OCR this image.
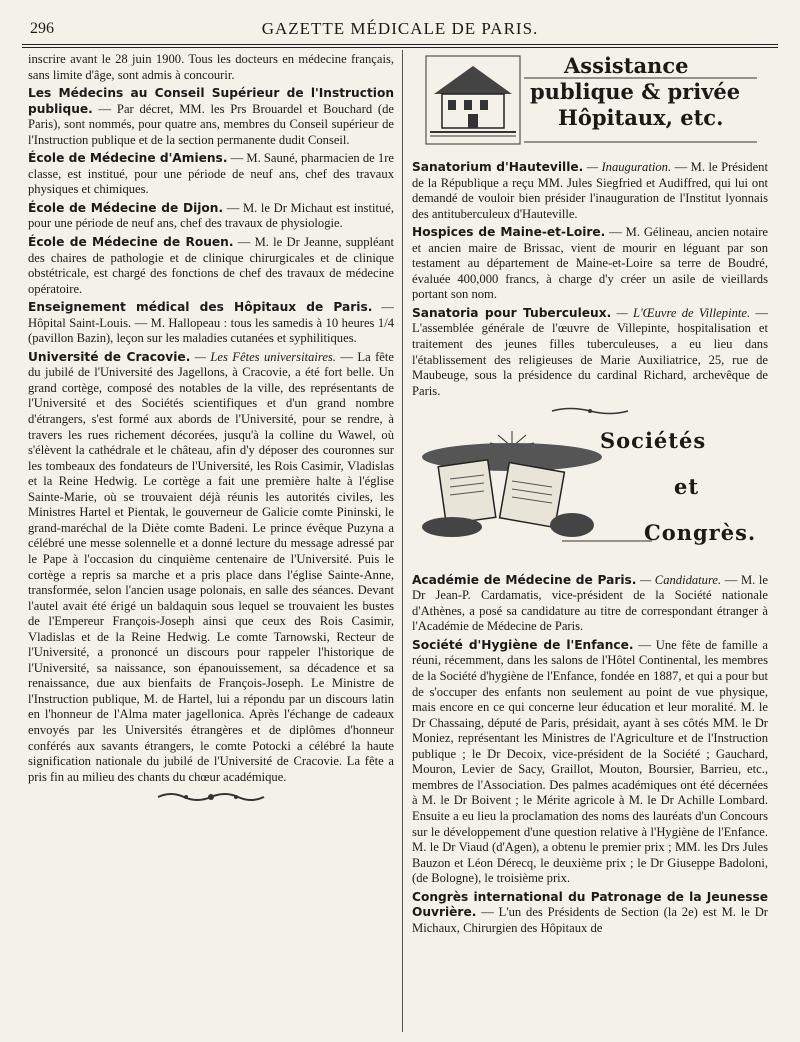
296	GAZETTE MÉDICALE DE PARIS.

inscrire avant le 28 juin 1900. Tous les docteurs en médecine français, sans limite d'âge, sont admis à concourir.

Les Médecins au Conseil Supérieur de l'Instruction publique. — Par décret, MM. les Prs Brouardel et Bouchard (de Paris), sont nommés, pour quatre ans, membres du Conseil supérieur de l'Instruction publique et de la section permanente dudit Conseil.

École de Médecine d'Amiens. — M. Sauné, pharmacien de 1re classe, est institué, pour une période de neuf ans, chef des travaux physiques et chimiques.

École de Médecine de Dijon. — M. le Dr Michaut est institué, pour une période de neuf ans, chef des travaux de physiologie.

École de Médecine de Rouen. — M. le Dr Jeanne, suppléant des chaires de pathologie et de clinique chirurgicales et de clinique obstétricale, est chargé des fonctions de chef des travaux de médecine opératoire.

Enseignement médical des Hôpitaux de Paris. — Hôpital Saint-Louis. — M. Hallopeau : tous les samedis à 10 heures 1/4 (pavillon Bazin), leçon sur les maladies cutanées et syphilitiques.

Université de Cracovie. — Les Fêtes universitaires. — La fête du jubilé de l'Université des Jagellons, à Cracovie, a été fort belle. Un grand cortège, composé des notables de la ville, des représentants de l'Université et des Sociétés scientifiques et d'un grand nombre d'étrangers, s'est formé aux abords de l'Université, pour se rendre, à travers les rues richement décorées, jusqu'à la colline du Wawel, où s'élèvent la cathédrale et le château, afin d'y déposer des couronnes sur les tombeaux des fondateurs de l'Université, les Rois Casimir, Vladislas et la Reine Hedwig. Le cortège a fait une première halte à l'église Sainte-Marie, où se trouvaient déjà réunis les autorités civiles, les Ministres Hartel et Pientak, le gouverneur de Galicie comte Pininski, le grand-maréchal de la Diète comte Badeni. Le prince évêque Puzyna a célébré une messe solennelle et a donné lecture du message adressé par le Pape à l'occasion du cinquième centenaire de l'Université. Puis le cortège a repris sa marche et a pris place dans l'église Sainte-Anne, transformée, selon l'ancien usage polonais, en salle des séances. Devant l'autel avait été érigé un baldaquin sous lequel se trouvaient les bustes de l'Empereur François-Joseph ainsi que ceux des Rois Casimir, Vladislas et de la Reine Hedwig. Le comte Tarnowski, Recteur de l'Université, a prononcé un discours pour rappeler l'historique de l'Université, sa naissance, son épanouissement, sa décadence et sa renaissance, due aux bienfaits de François-Joseph. Le Ministre de l'Instruction publique, M. de Hartel, lui a répondu par un discours latin en l'honneur de l'Alma mater jagellonica. Après l'échange de cadeaux envoyés par les Universités étrangères et de diplômes d'honneur conférés aux savants étrangers, le comte Potocki a célébré la haute signification nationale du jubilé de l'Université de Cracovie. La fête a pris fin au milieu des chants du chœur académique.

Assistance
publique & privée
Hôpitaux, etc.

Sanatorium d'Hauteville. — Inauguration. — M. le Président de la République a reçu MM. Jules Siegfried et Audiffred, qui lui ont demandé de vouloir bien présider l'inauguration de l'Institut lyonnais des antituberculeux d'Hauteville.

Hospices de Maine-et-Loire. — M. Gélineau, ancien notaire et ancien maire de Brissac, vient de mourir en léguant par son testament au département de Maine-et-Loire sa terre de Boudré, évaluée 400,000 francs, à charge d'y créer un asile de vieillards portant son nom.

Sanatoria pour Tuberculeux. — L'Œuvre de Villepinte. — L'assemblée générale de l'œuvre de Villepinte, hospitalisation et traitement des jeunes filles tuberculeuses, a eu lieu dans l'établissement des religieuses de Marie Auxiliatrice, 25, rue de Maubeuge, sous la présidence du cardinal Richard, archevêque de Paris.

Sociétés
et
Congrès.

Académie de Médecine de Paris. — Candidature. — M. le Dr Jean-P. Cardamatis, vice-président de la Société nationale d'Athènes, a posé sa candidature au titre de correspondant étranger à l'Académie de Médecine de Paris.

Société d'Hygiène de l'Enfance. — Une fête de famille a réuni, récemment, dans les salons de l'Hôtel Continental, les membres de la Société d'hygiène de l'Enfance, fondée en 1887, et qui a pour but de s'occuper des enfants non seulement au point de vue physique, mais encore en ce qui concerne leur éducation et leur moralité. M. le Dr Chassaing, député de Paris, présidait, ayant à ses côtés MM. le Dr Moniez, représentant les Ministres de l'Agriculture et de l'Instruction publique ; le Dr Decoix, vice-président de la Société ; Gauchard, Mouron, Levier de Sacy, Graillot, Mouton, Boursier, Barrieu, etc., membres de l'Association. Des palmes académiques ont été décernées à M. le Dr Boivent ; le Mérite agricole à M. le Dr Achille Lombard. Ensuite a eu lieu la proclamation des noms des lauréats d'un Concours sur le développement d'une question relative à l'Hygiène de l'Enfance. M. le Dr Viaud (d'Agen), a obtenu le premier prix ; MM. les Drs Jules Bauzon et Léon Dérecq, le deuxième prix ; le Dr Giuseppe Badoloni, (de Bologne), le troisième prix.

Congrès international du Patronage de la Jeunesse Ouvrière. — L'un des Présidents de Section (la 2e) est M. le Dr Michaux, Chirurgien des Hôpitaux de
